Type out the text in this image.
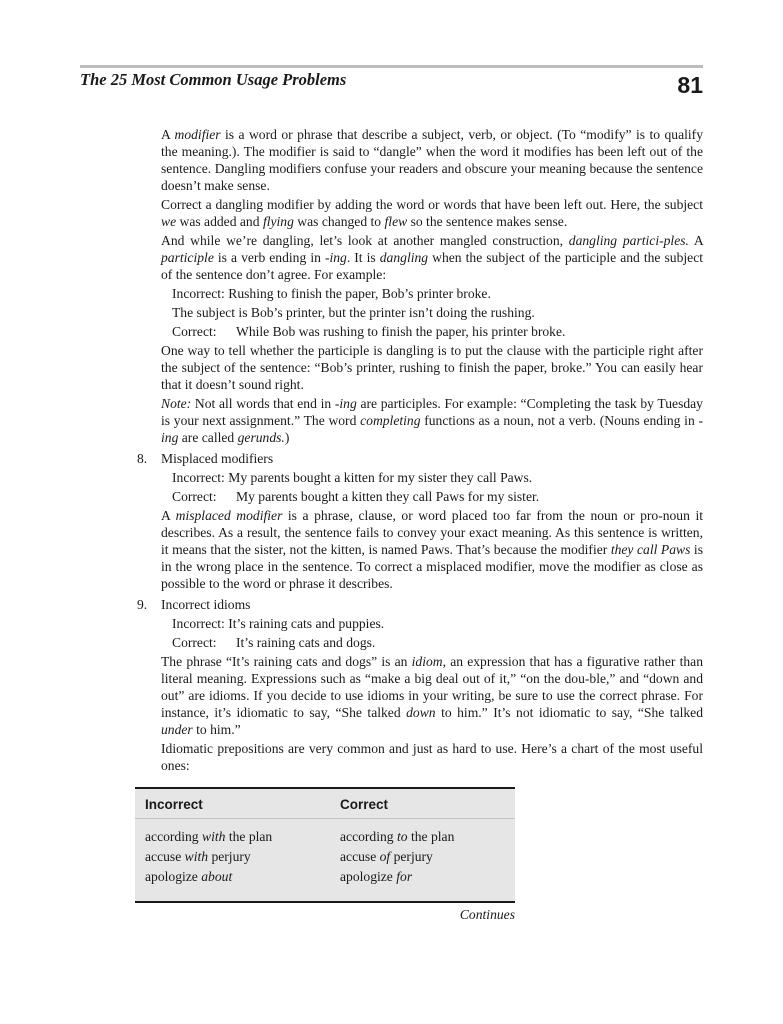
The 25 Most Common Usage Problems	81

A modifier is a word or phrase that describe a subject, verb, or object. (To “modify” is to qualify the meaning.). The modifier is said to “dangle” when the word it modifies has been left out of the sentence. Dangling modifiers confuse your readers and obscure your meaning because the sentence doesn’t make sense.

Correct a dangling modifier by adding the word or words that have been left out. Here, the subject we was added and flying was changed to flew so the sentence makes sense.

And while we’re dangling, let’s look at another mangled construction, dangling partici-ples. A participle is a verb ending in -ing. It is dangling when the subject of the participle and the subject of the sentence don’t agree. For example:

Incorrect: Rushing to finish the paper, Bob’s printer broke.
The subject is Bob’s printer, but the printer isn’t doing the rushing.
Correct: While Bob was rushing to finish the paper, his printer broke.

One way to tell whether the participle is dangling is to put the clause with the participle right after the subject of the sentence: “Bob’s printer, rushing to finish the paper, broke.” You can easily hear that it doesn’t sound right.

Note: Not all words that end in -ing are participles. For example: “Completing the task by Tuesday is your next assignment.” The word completing functions as a noun, not a verb. (Nouns ending in -ing are called gerunds.)

8. Misplaced modifiers
Incorrect: My parents bought a kitten for my sister they call Paws.
Correct: My parents bought a kitten they call Paws for my sister.

A misplaced modifier is a phrase, clause, or word placed too far from the noun or pro-noun it describes. As a result, the sentence fails to convey your exact meaning. As this sentence is written, it means that the sister, not the kitten, is named Paws. That’s because the modifier they call Paws is in the wrong place in the sentence. To correct a misplaced modifier, move the modifier as close as possible to the word or phrase it describes.

9. Incorrect idioms
Incorrect: It’s raining cats and puppies.
Correct: It’s raining cats and dogs.

The phrase “It’s raining cats and dogs” is an idiom, an expression that has a figurative rather than literal meaning. Expressions such as “make a big deal out of it,” “on the dou-ble,” and “down and out” are idioms. If you decide to use idioms in your writing, be sure to use the correct phrase. For instance, it’s idiomatic to say, “She talked down to him.” It’s not idiomatic to say, “She talked under to him.”

Idiomatic prepositions are very common and just as hard to use. Here’s a chart of the most useful ones:

Incorrect	Correct
according with the plan	according to the plan
accuse with perjury	accuse of perjury
apologize about	apologize for
Continues
